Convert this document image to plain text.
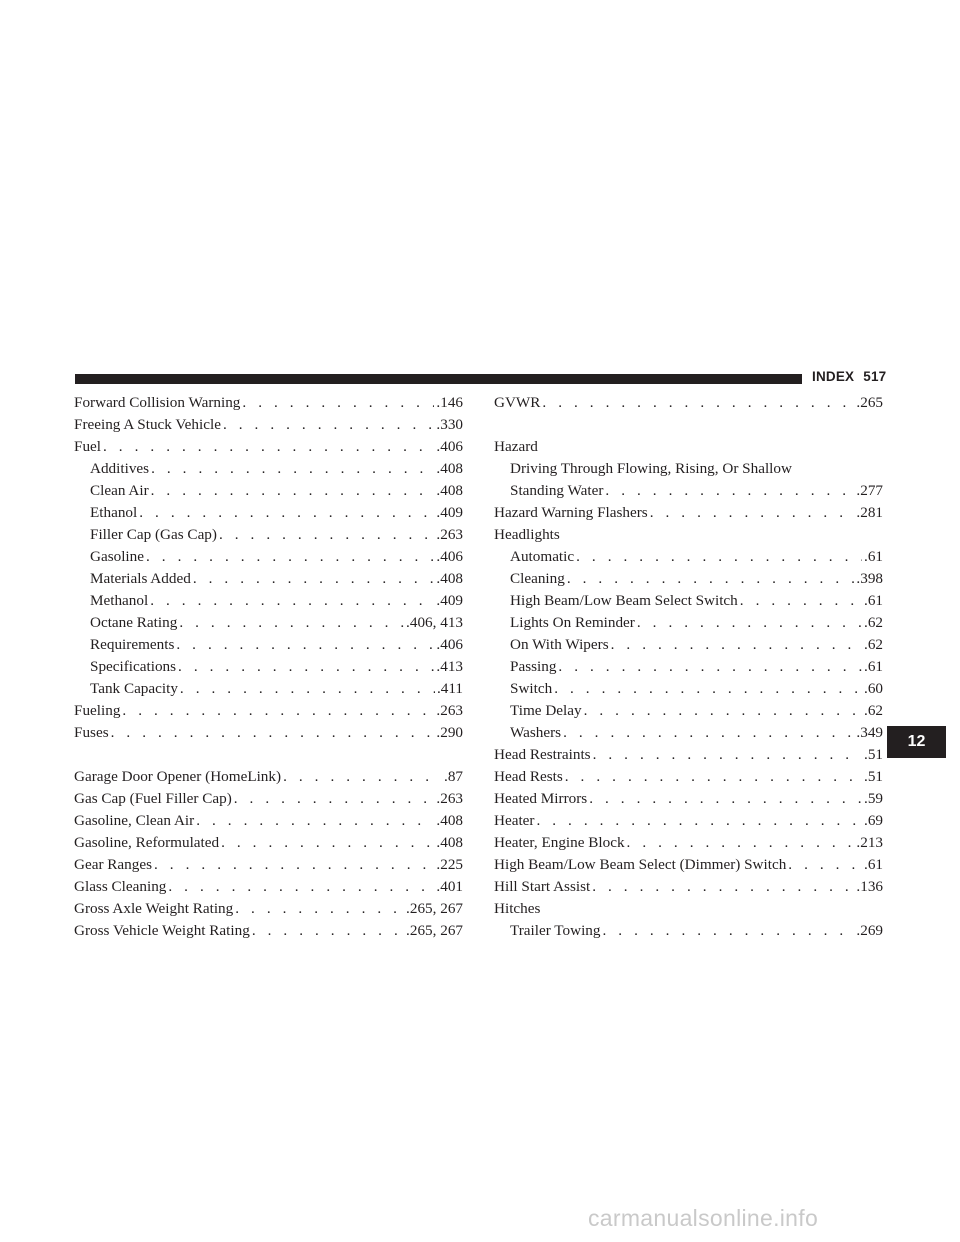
INDEX 517
Forward Collision Warning . . .	.146
Freeing A Stuck Vehicle . . .	.330
Fuel . . .	.406
Additives . . .	.408
Clean Air . . .	.408
Ethanol . . .	.409
Filler Cap (Gas Cap) . . .	.263
Gasoline . . .	.406
Materials Added . . .	.408
Methanol . . .	.409
Octane Rating . . .	.406, 413
Requirements . . .	.406
Specifications . . .	.413
Tank Capacity . . .	.411
Fueling . . .	.263
Fuses . . .	.290
Garage Door Opener (HomeLink) . . .	.87
Gas Cap (Fuel Filler Cap) . . .	.263
Gasoline, Clean Air . . .	.408
Gasoline, Reformulated . . .	.408
Gear Ranges . . .	.225
Glass Cleaning . . .	.401
Gross Axle Weight Rating . . .	.265, 267
Gross Vehicle Weight Rating . . .	.265, 267
GVWR . . .	.265
Hazard
Driving Through Flowing, Rising, Or Shallow
Standing Water . . .	.277
Hazard Warning Flashers . . .	.281
Headlights
Automatic . . .	.61
Cleaning . . .	.398
High Beam/Low Beam Select Switch . . .	.61
Lights On Reminder . . .	.62
On With Wipers . . .	.62
Passing . . .	.61
Switch . . .	.60
Time Delay . . .	.62
Washers . . .	.349
Head Restraints . . .	.51
Head Rests . . .	.51
Heated Mirrors . . .	.59
Heater . . .	.69
Heater, Engine Block . . .	.213
High Beam/Low Beam Select (Dimmer) Switch . . .	.61
Hill Start Assist . . .	.136
Hitches
Trailer Towing . . .	.269
12
carmanualsonline.info
